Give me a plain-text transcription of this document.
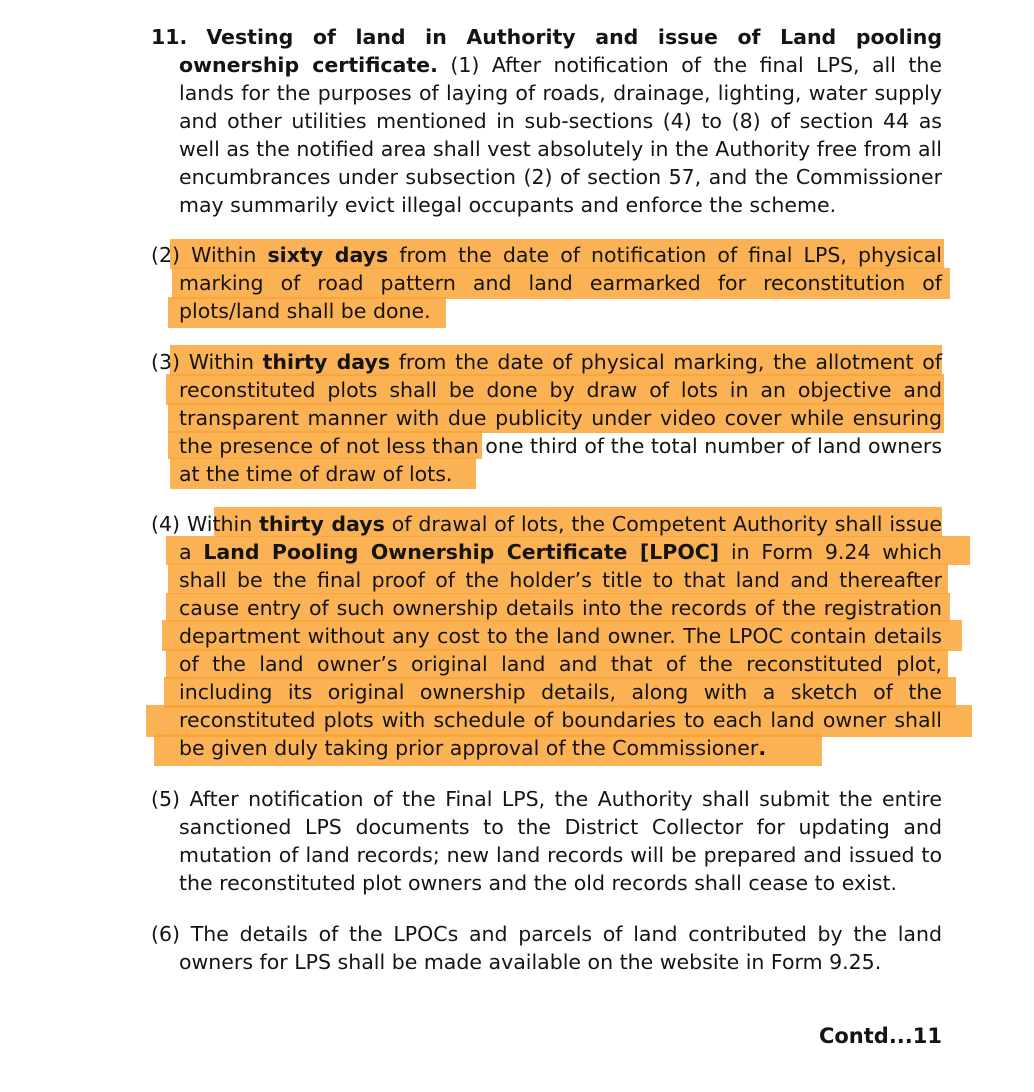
11. Vesting of land in Authority and issue of Land pooling
ownership certificate. (1) After notification of the final LPS, all the
lands for the purposes of laying of roads, drainage, lighting, water supply
and other utilities mentioned in sub-sections (4) to (8) of section 44 as
well as the notified area shall vest absolutely in the Authority free from all
encumbrances under subsection (2) of section 57, and the Commissioner
may summarily evict illegal occupants and enforce the scheme.
(2) Within sixty days from the date of notification of final LPS, physical
marking of road pattern and land earmarked for reconstitution of
plots/land shall be done.
(3) Within thirty days from the date of physical marking, the allotment of
reconstituted plots shall be done by draw of lots in an objective and
transparent manner with due publicity under video cover while ensuring
the presence of not less than one third of the total number of land owners
at the time of draw of lots.
(4) Within thirty days of drawal of lots, the Competent Authority shall issue
a Land Pooling Ownership Certificate [LPOC] in Form 9.24 which
shall be the final proof of the holder’s title to that land and thereafter
cause entry of such ownership details into the records of the registration
department without any cost to the land owner. The LPOC contain details
of the land owner’s original land and that of the reconstituted plot,
including its original ownership details, along with a sketch of the
reconstituted plots with schedule of boundaries to each land owner shall
be given duly taking prior approval of the Commissioner.
(5) After notification of the Final LPS, the Authority shall submit the entire
sanctioned LPS documents to the District Collector for updating and
mutation of land records; new land records will be prepared and issued to
the reconstituted plot owners and the old records shall cease to exist.
(6) The details of the LPOCs and parcels of land contributed by the land
owners for LPS shall be made available on the website in Form 9.25.
Contd...11
